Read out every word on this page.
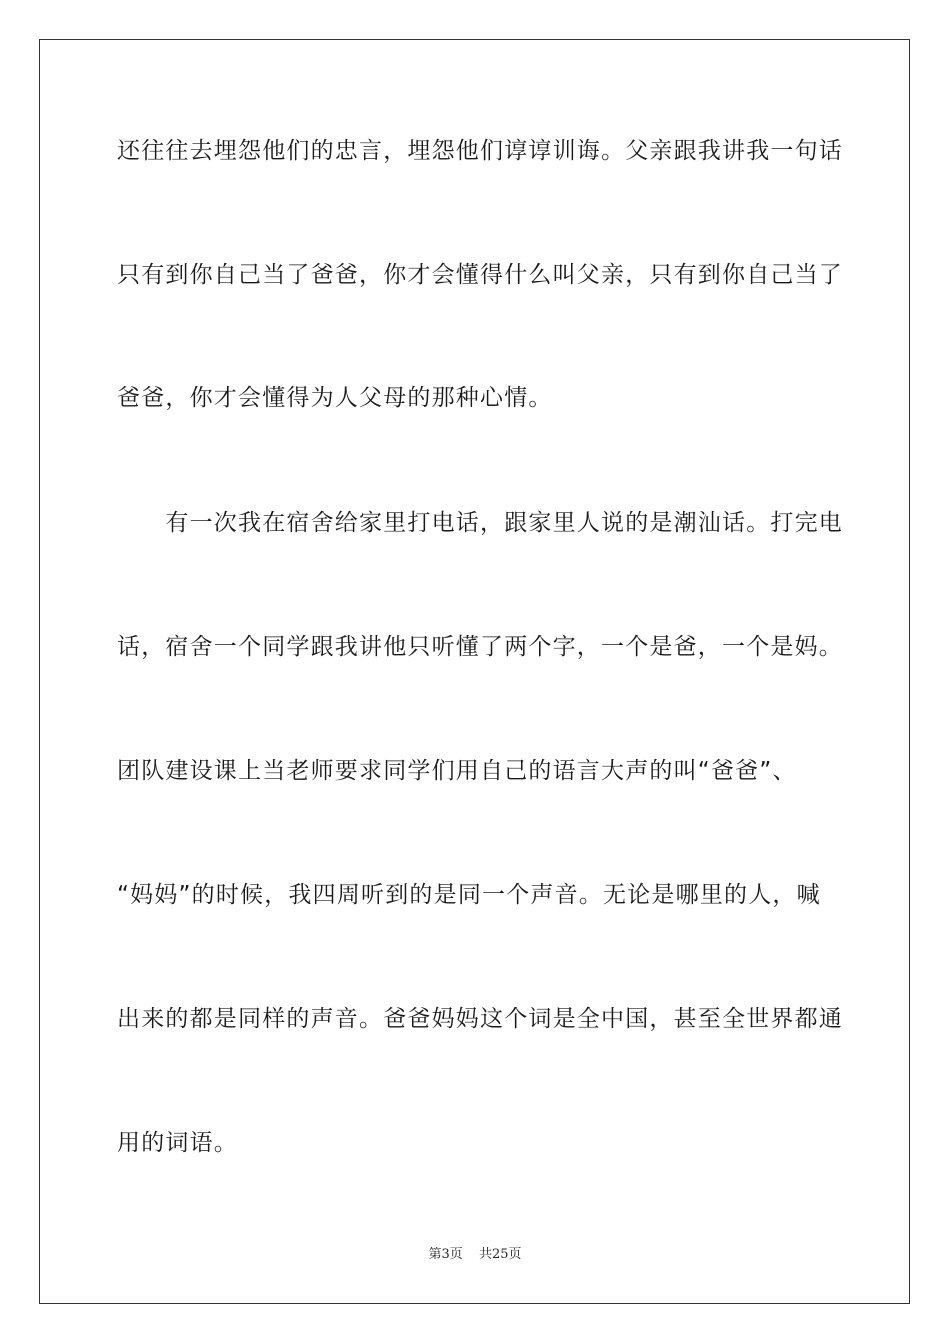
还往往去埋怨他们的忠言，埋怨他们谆谆训诲。父亲跟我讲我一句话
只有到你自己当了爸爸，你才会懂得什么叫父亲，只有到你自己当了
爸爸，你才会懂得为人父母的那种心情。
　　有一次我在宿舍给家里打电话，跟家里人说的是潮汕话。打完电
话，宿舍一个同学跟我讲他只听懂了两个字，一个是爸，一个是妈。
团队建设课上当老师要求同学们用自己的语言大声的叫“爸爸”、
“妈妈”的时候，我四周听到的是同一个声音。无论是哪里的人，喊
出来的都是同样的声音。爸爸妈妈这个词是全中国，甚至全世界都通
用的词语。
第3页 共25页
